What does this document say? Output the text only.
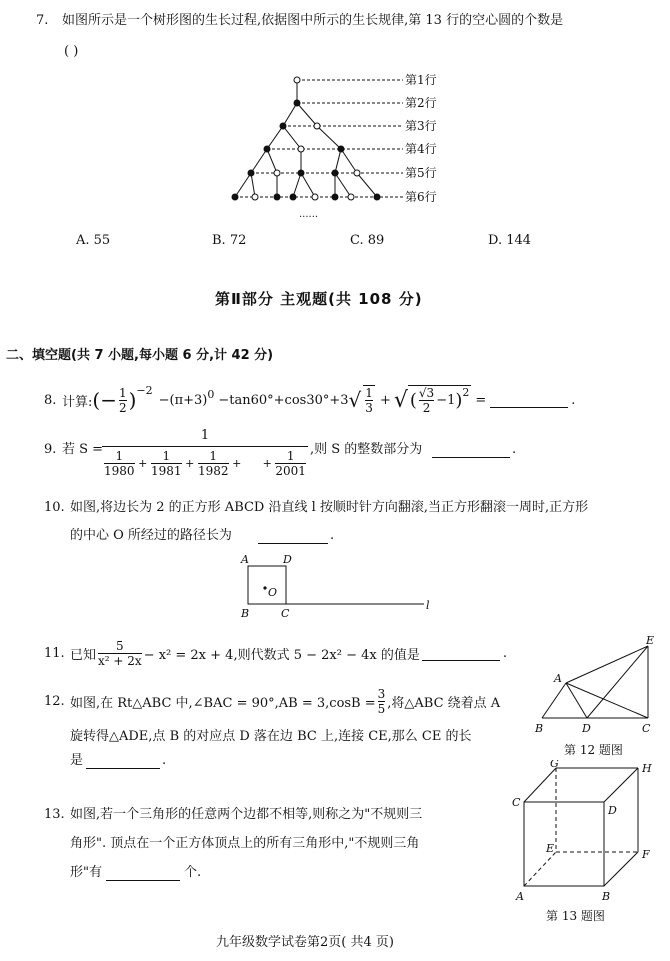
7. 如图所示是一个树形图的生长过程,依据图中所示的生长规律,第 13 行的空心圆的个数是
( )
第1行
第2行
第3行
第4行
第5行
第6行
......
A. 55	B. 72	C. 89	D. 144
第Ⅱ部分 主观题(共 108 分)
二、填空题(共 7 小题,每小题 6 分,计 42 分)
8. 计算: (− $\frac{1}{2}$ ) −2
−(π+3) 0 −tan60°+cos30°+3 √ $\frac{1}{3}$ + √ ( $\frac{√3}{2} -1$ ) 2 =	.
9. 若 S =
1
$\frac{1}{1980} + \frac{1}{1981} + \frac{1}{1982}$ + + $\frac{1}{2001}$ ,则 S 的整数部分为	.
10. 如图,将边长为 2 的正方形 ABCD 沿直线 l 按顺时针方向翻滚,当正方形翻滚一周时,正方形
的中心 O 所经过的路径长为	.
A	D
B	C
O
l
11. 已知 $\frac{5}{\text{x² + 2x}} - x^2 = 2x + 4$,则代数式 5 − 2x² − 4x 的值是	.
12. 如图,在 Rt△ABC 中,∠BAC = $90^\circ,AB = 3,\cos B = \frac{3}{5}$ ,将△ABC 绕着点 A
旋转得△ADE,点 B 的对应点 D 落在边 BC 上,连接 CE,那么 CE 的长
是	.
A
B	C
D
E
第 12 题图
13. 如图,若一个三角形的任意两个边都不相等,则称之为"不规则三
角形". 顶点在一个正方体顶点上的所有三角形中,"不规则三角
形"有	个.
G	H
C
D
E	F
A	B
第 13 题图
九年级数学试卷第2页( 共4 页)
